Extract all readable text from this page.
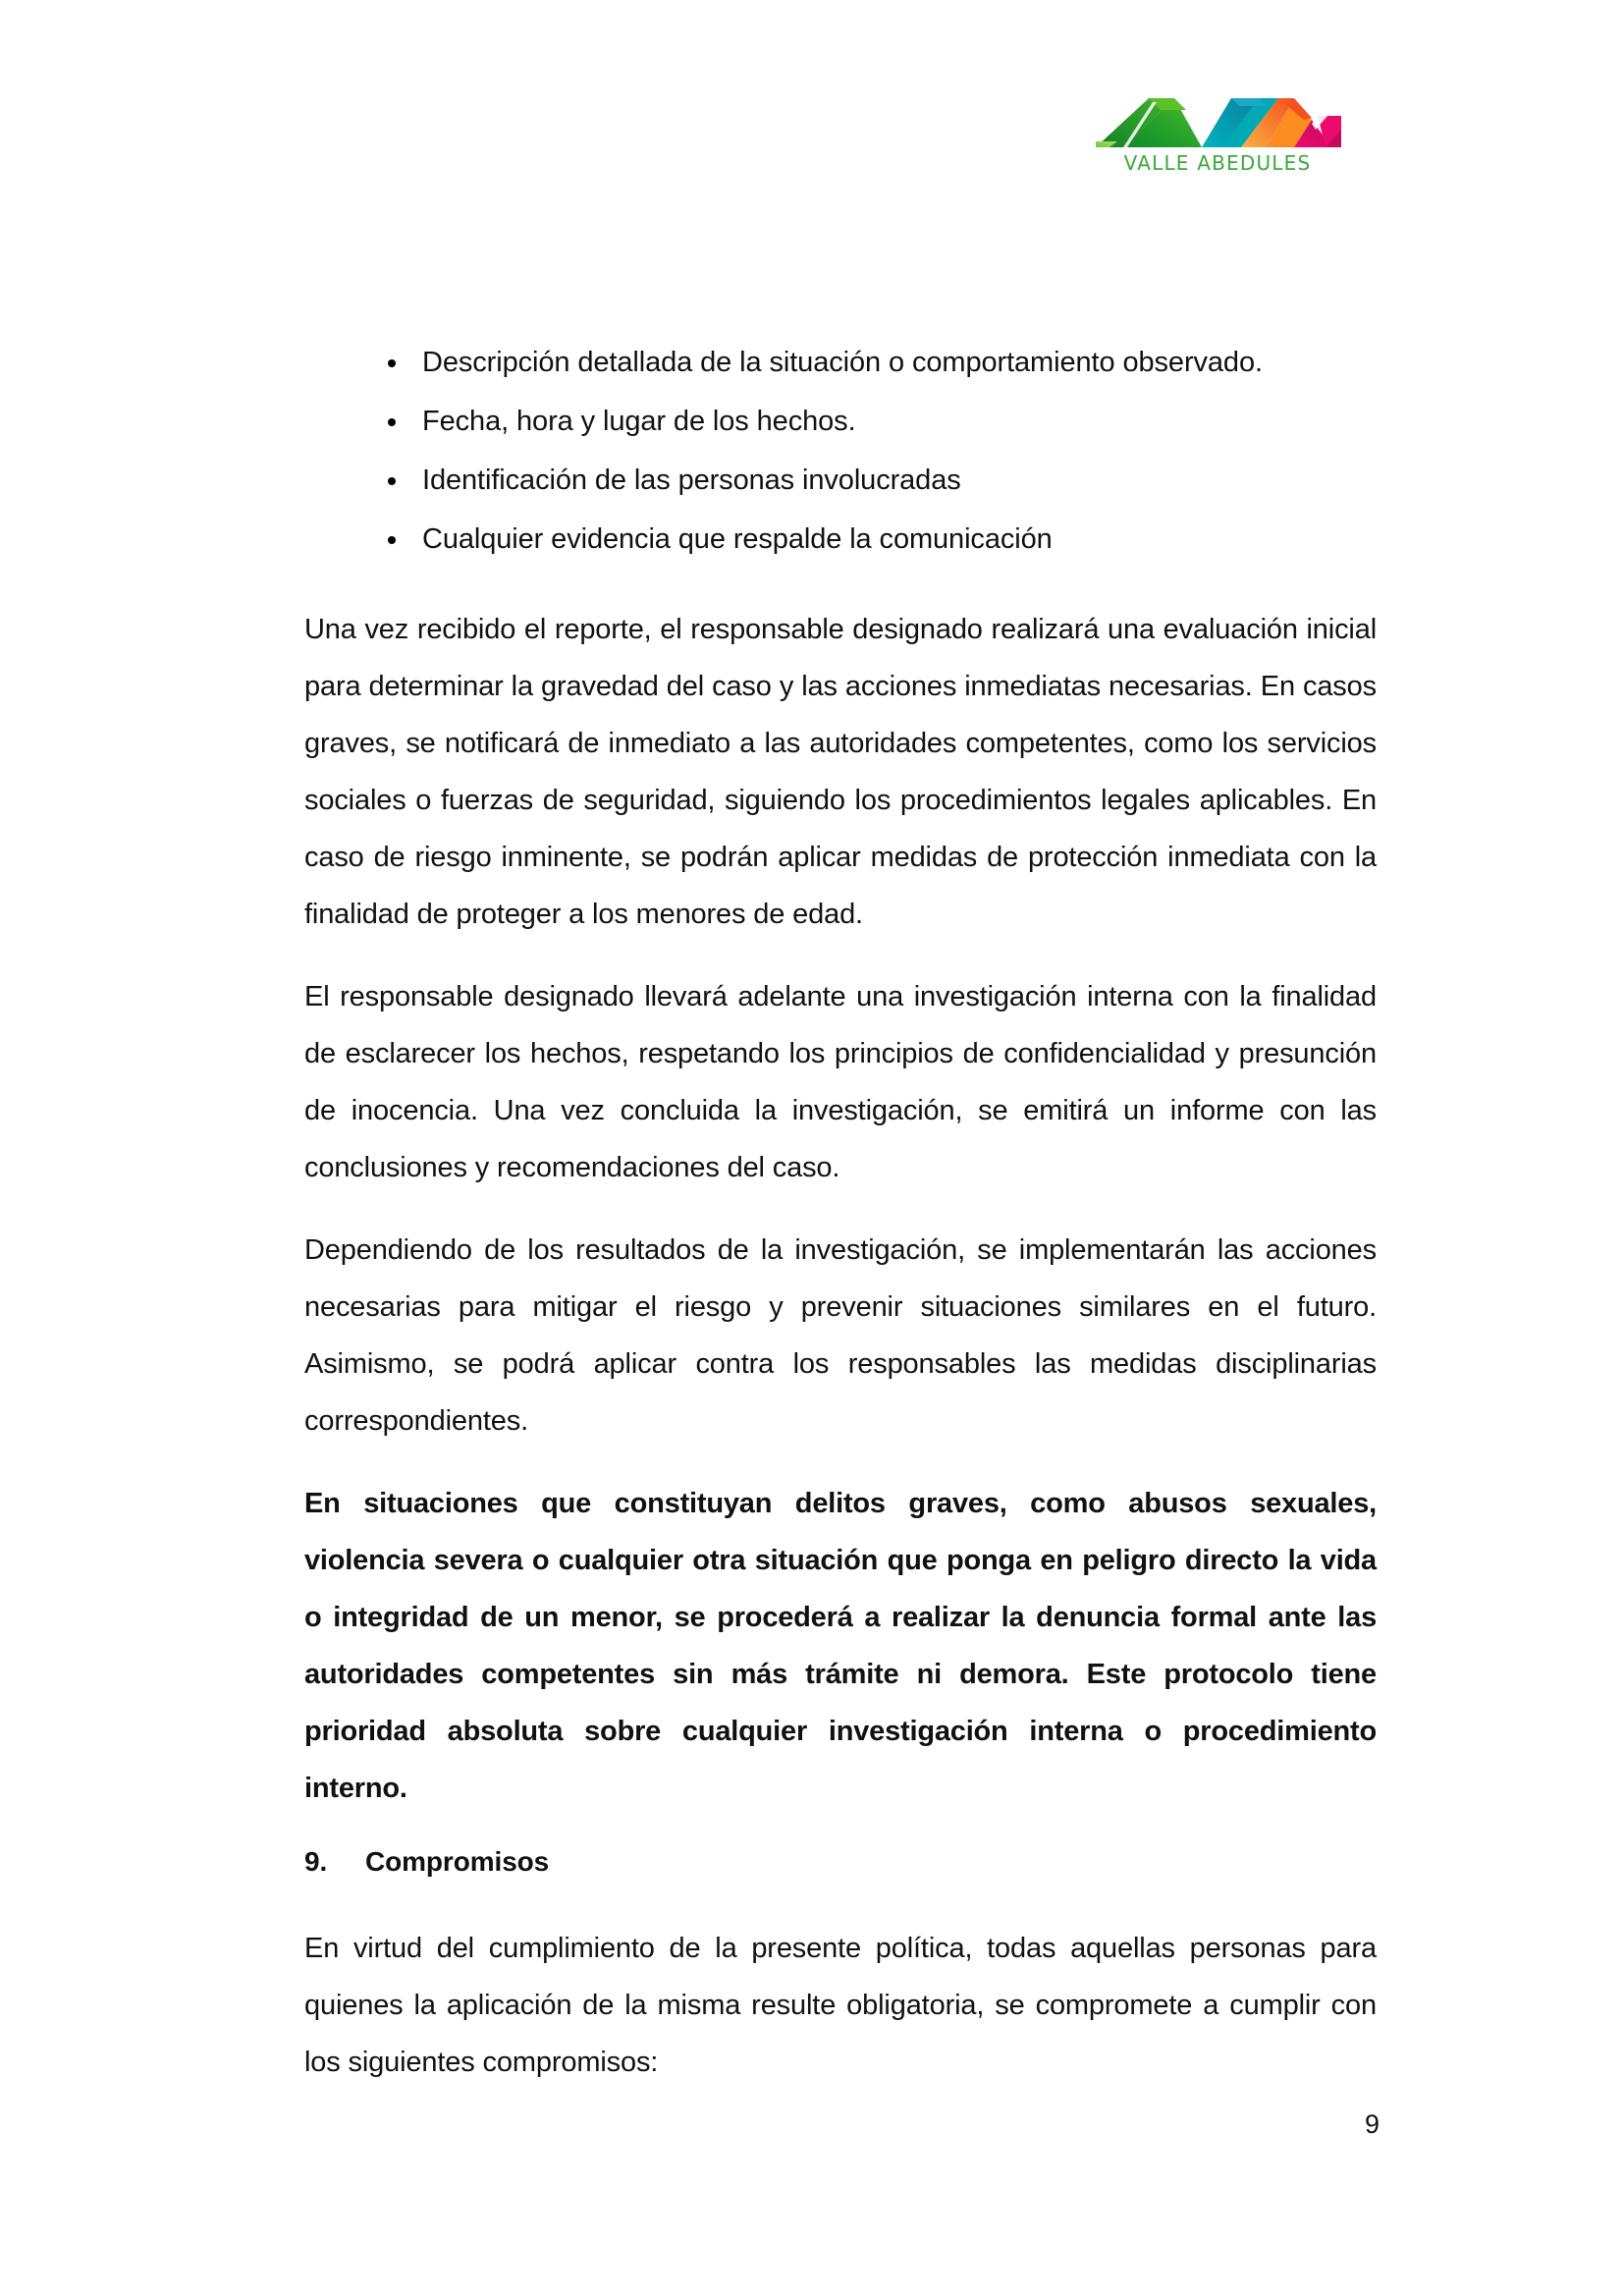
VALLE ABEDULES
Descripción detallada de la situación o comportamiento observado.
Fecha, hora y lugar de los hechos.
Identificación de las personas involucradas
Cualquier evidencia que respalde la comunicación

Una vez recibido el reporte, el responsable designado realizará una evaluación inicial para determinar la gravedad del caso y las acciones inmediatas necesarias. En casos graves, se notificará de inmediato a las autoridades competentes, como los servicios sociales o fuerzas de seguridad, siguiendo los procedimientos legales aplicables. En caso de riesgo inminente, se podrán aplicar medidas de protección inmediata con la finalidad de proteger a los menores de edad.

El responsable designado llevará adelante una investigación interna con la finalidad de esclarecer los hechos, respetando los principios de confidencialidad y presunción de inocencia. Una vez concluida la investigación, se emitirá un informe con las conclusiones y recomendaciones del caso.

Dependiendo de los resultados de la investigación, se implementarán las acciones necesarias para mitigar el riesgo y prevenir situaciones similares en el futuro. Asimismo, se podrá aplicar contra los responsables las medidas disciplinarias correspondientes.

En situaciones que constituyan delitos graves, como abusos sexuales, violencia severa o cualquier otra situación que ponga en peligro directo la vida o integridad de un menor, se procederá a realizar la denuncia formal ante las autoridades competentes sin más trámite ni demora. Este protocolo tiene prioridad absoluta sobre cualquier investigación interna o procedimiento interno.

9. Compromisos

En virtud del cumplimiento de la presente política, todas aquellas personas para quienes la aplicación de la misma resulte obligatoria, se compromete a cumplir con los siguientes compromisos:

9
